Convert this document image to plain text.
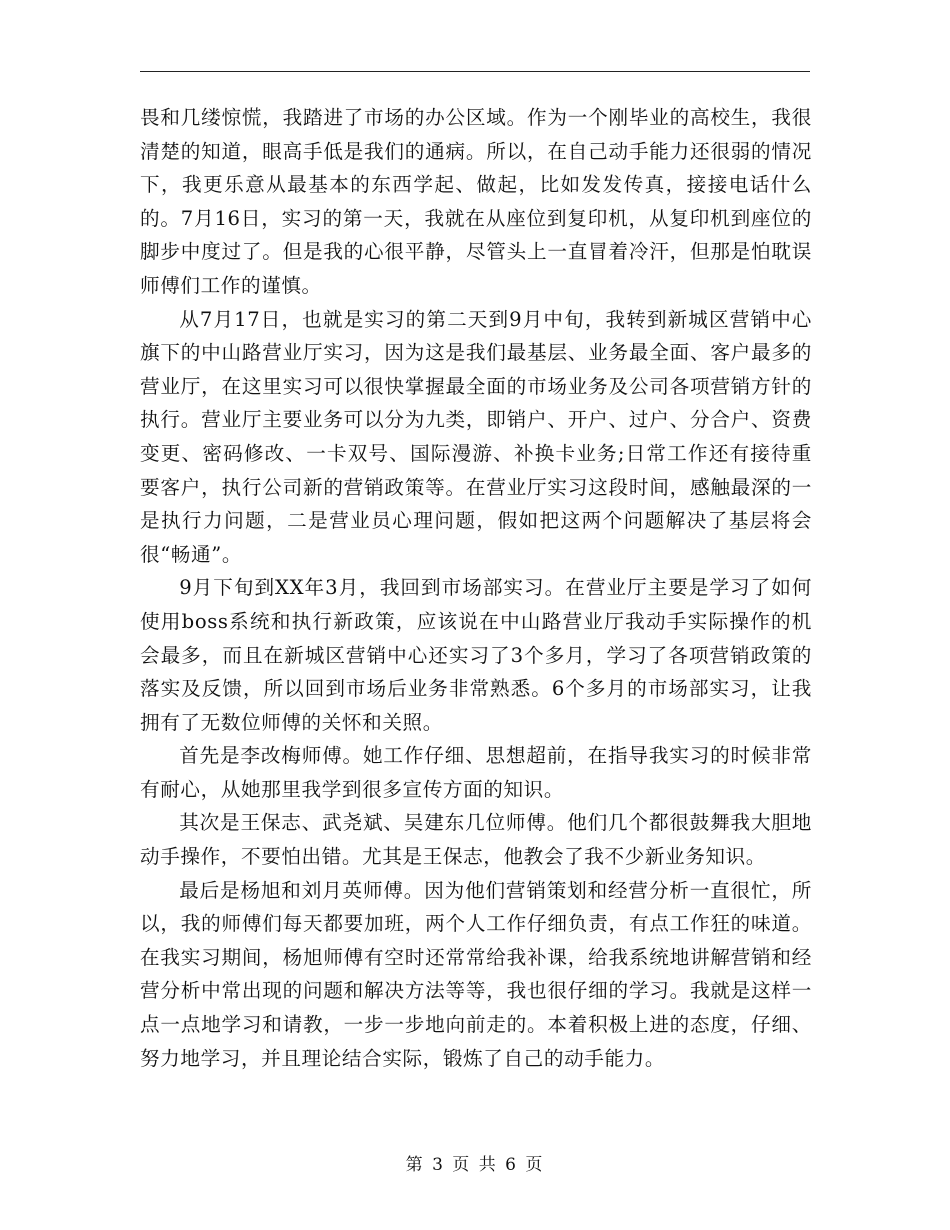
畏和几缕惊慌，我踏进了市场的办公区域。作为一个刚毕业的高校生，我很清楚的知道，眼高手低是我们的通病。所以，在自己动手能力还很弱的情况下，我更乐意从最基本的东西学起、做起，比如发发传真，接接电话什么的。7月16日，实习的第一天，我就在从座位到复印机，从复印机到座位的脚步中度过了。但是我的心很平静，尽管头上一直冒着冷汗，但那是怕耽误师傅们工作的谨慎。

从7月17日，也就是实习的第二天到9月中旬，我转到新城区营销中心旗下的中山路营业厅实习，因为这是我们最基层、业务最全面、客户最多的营业厅，在这里实习可以很快掌握最全面的市场业务及公司各项营销方针的执行。营业厅主要业务可以分为九类，即销户、开户、过户、分合户、资费变更、密码修改、一卡双号、国际漫游、补换卡业务;日常工作还有接待重要客户，执行公司新的营销政策等。在营业厅实习这段时间，感触最深的一是执行力问题，二是营业员心理问题，假如把这两个问题解决了基层将会很“畅通”。

9月下旬到XX年3月，我回到市场部实习。在营业厅主要是学习了如何使用boss系统和执行新政策，应该说在中山路营业厅我动手实际操作的机会最多，而且在新城区营销中心还实习了3个多月，学习了各项营销政策的落实及反馈，所以回到市场后业务非常熟悉。6个多月的市场部实习，让我拥有了无数位师傅的关怀和关照。

首先是李改梅师傅。她工作仔细、思想超前，在指导我实习的时候非常有耐心，从她那里我学到很多宣传方面的知识。

其次是王保志、武尧斌、吴建东几位师傅。他们几个都很鼓舞我大胆地动手操作，不要怕出错。尤其是王保志，他教会了我不少新业务知识。

最后是杨旭和刘月英师傅。因为他们营销策划和经营分析一直很忙，所以，我的师傅们每天都要加班，两个人工作仔细负责，有点工作狂的味道。在我实习期间，杨旭师傅有空时还常常给我补课，给我系统地讲解营销和经营分析中常出现的问题和解决方法等等，我也很仔细的学习。我就是这样一点一点地学习和请教，一步一步地向前走的。本着积极上进的态度，仔细、努力地学习，并且理论结合实际，锻炼了自己的动手能力。

第 3 页 共 6 页
